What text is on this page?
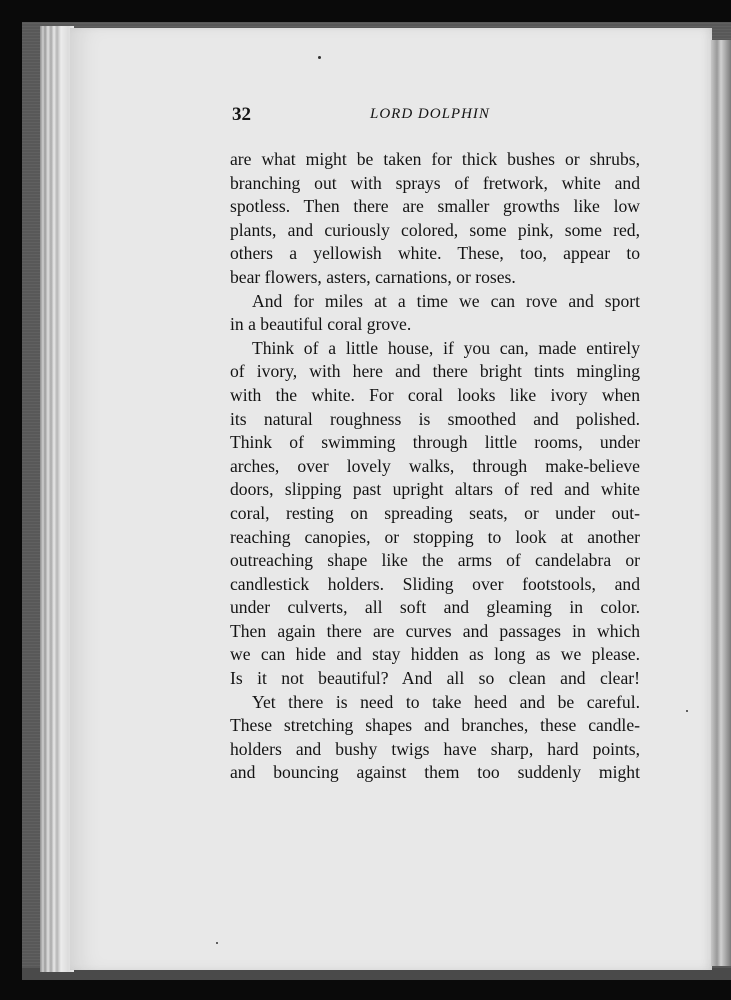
32	LORD DOLPHIN
are what might be taken for thick bushes or shrubs,
branching out with sprays of fretwork, white and
spotless. Then there are smaller growths like low
plants, and curiously colored, some pink, some red,
others a yellowish white. These, too, appear to
bear flowers, asters, carnations, or roses.
And for miles at a time we can rove and sport
in a beautiful coral grove.
Think of a little house, if you can, made entirely
of ivory, with here and there bright tints mingling
with the white. For coral looks like ivory when
its natural roughness is smoothed and polished.
Think of swimming through little rooms, under
arches, over lovely walks, through make-believe
doors, slipping past upright altars of red and white
coral, resting on spreading seats, or under out-
reaching canopies, or stopping to look at another
outreaching shape like the arms of candelabra or
candlestick holders. Sliding over footstools, and
under culverts, all soft and gleaming in color.
Then again there are curves and passages in which
we can hide and stay hidden as long as we please.
Is it not beautiful? And all so clean and clear!
Yet there is need to take heed and be careful.
These stretching shapes and branches, these candle-
holders and bushy twigs have sharp, hard points,
and bouncing against them too suddenly might
